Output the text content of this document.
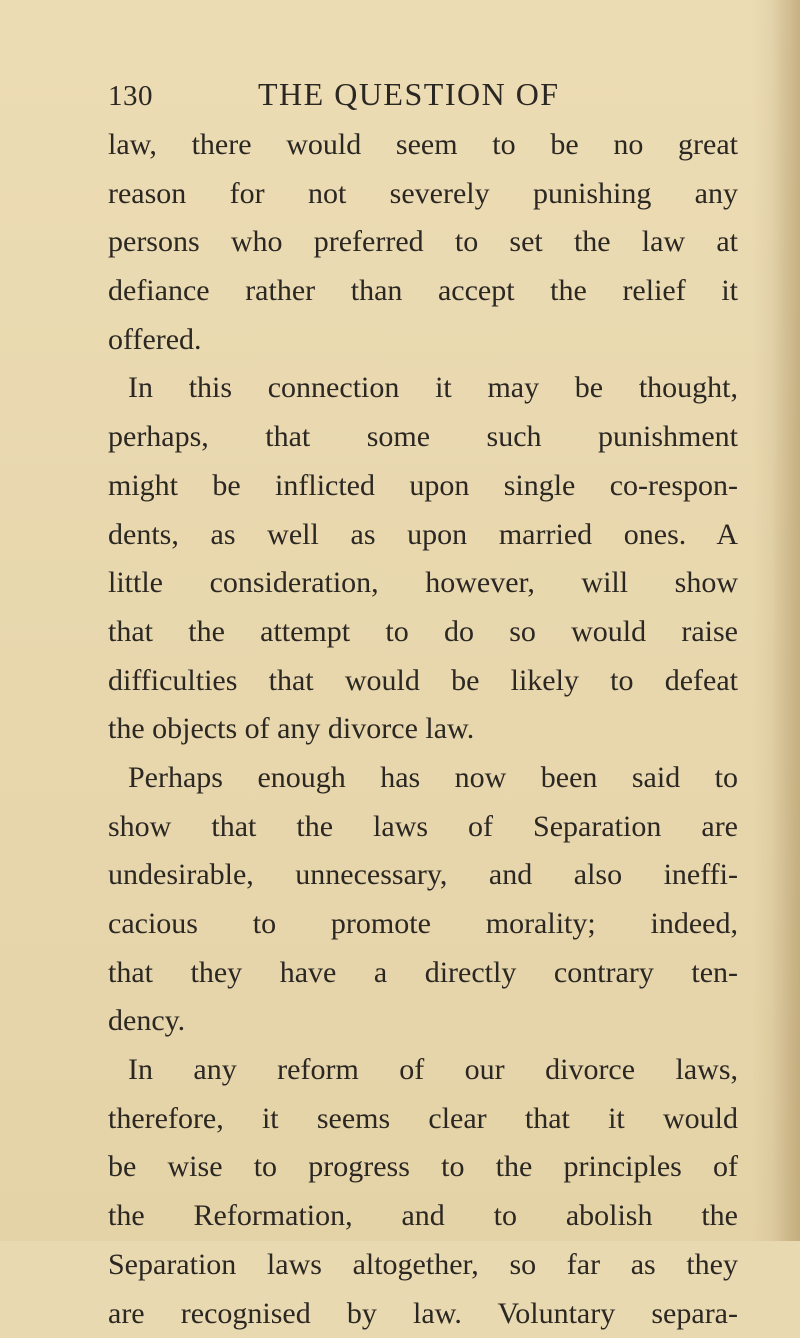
130	THE QUESTION OF
law, there would seem to be no great
reason for not severely punishing any
persons who preferred to set the law at
defiance rather than accept the relief it
offered.
In this connection it may be thought,
perhaps, that some such punishment
might be inflicted upon single co-respon-
dents, as well as upon married ones. A
little consideration, however, will show
that the attempt to do so would raise
difficulties that would be likely to defeat
the objects of any divorce law.
Perhaps enough has now been said to
show that the laws of Separation are
undesirable, unnecessary, and also ineffi-
cacious to promote morality; indeed,
that they have a directly contrary ten-
dency.
In any reform of our divorce laws,
therefore, it seems clear that it would
be wise to progress to the principles of
the Reformation, and to abolish the
Separation laws altogether, so far as they
are recognised by law. Voluntary separa-
